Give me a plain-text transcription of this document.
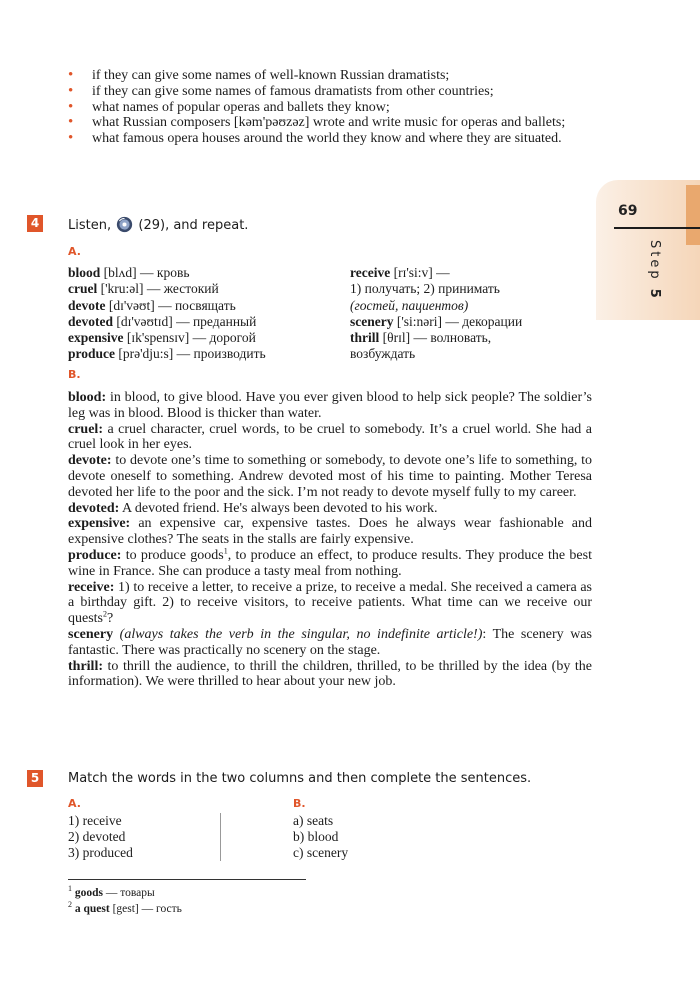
• if they can give some names of well-known Russian dramatists;
• if they can give some names of famous dramatists from other countries;
• what names of popular operas and ballets they know;
• what Russian composers [kəm'pəʊzəz] wrote and write music for operas and ballets;
• what famous opera houses around the world they know and where they are situated.
69
Step 5
4 Listen, (29), and repeat.
A.
blood [blʌd] — кровь
cruel ['kru:əl] — жестокий
devote [dɪ'vəʊt] — посвящать
devoted [dɪ'vəʊtɪd] — преданный
expensive [ɪk'spensɪv] — дорогой
produce [prə'dju:s] — производить
receive [rɪ'si:v] —
1) получать; 2) принимать
(гостей, пациентов)
scenery ['si:nəri] — декорации
thrill [θrɪl] — волновать,
возбуждать
B.

blood: in blood, to give blood. Have you ever given blood to help sick people? The soldier’s leg was in blood. Blood is thicker than water.

cruel: a cruel character, cruel words, to be cruel to somebody. It’s a cruel world. She had a cruel look in her eyes.

devote: to devote one’s time to something or somebody, to devote one’s life to something, to devote oneself to something. Andrew devoted most of his time to painting. Mother Teresa devoted her life to the poor and the sick. I’m not ready to devote myself fully to my career.

devoted: A devoted friend. He's always been devoted to his work.

expensive: an expensive car, expensive tastes. Does he always wear fashionable and expensive clothes? The seats in the stalls are fairly expensive.

produce: to produce goods$^1$, to produce an effect, to produce results. They produce the best wine in France. She can produce a tasty meal from nothing.

receive: 1) to receive a letter, to receive a prize, to receive a medal. She received a camera as a birthday gift. 2) to receive visitors, to receive patients. What time can we receive our quests$^2$?

scenery (always takes the verb in the singular, no indefinite article!): The scenery was fantastic. There was practically no scenery on the stage.

thrill: to thrill the audience, to thrill the children, thrilled, to be thrilled by the idea (by the information). We were thrilled to hear about your new job.

5 Match the words in the two columns and then complete the sentences.
A.	B.
1) receive
2) devoted
3) produced
a) seats
b) blood
c) scenery
$^1$ goods — товары
$^2$ a quest [gest] — гость
